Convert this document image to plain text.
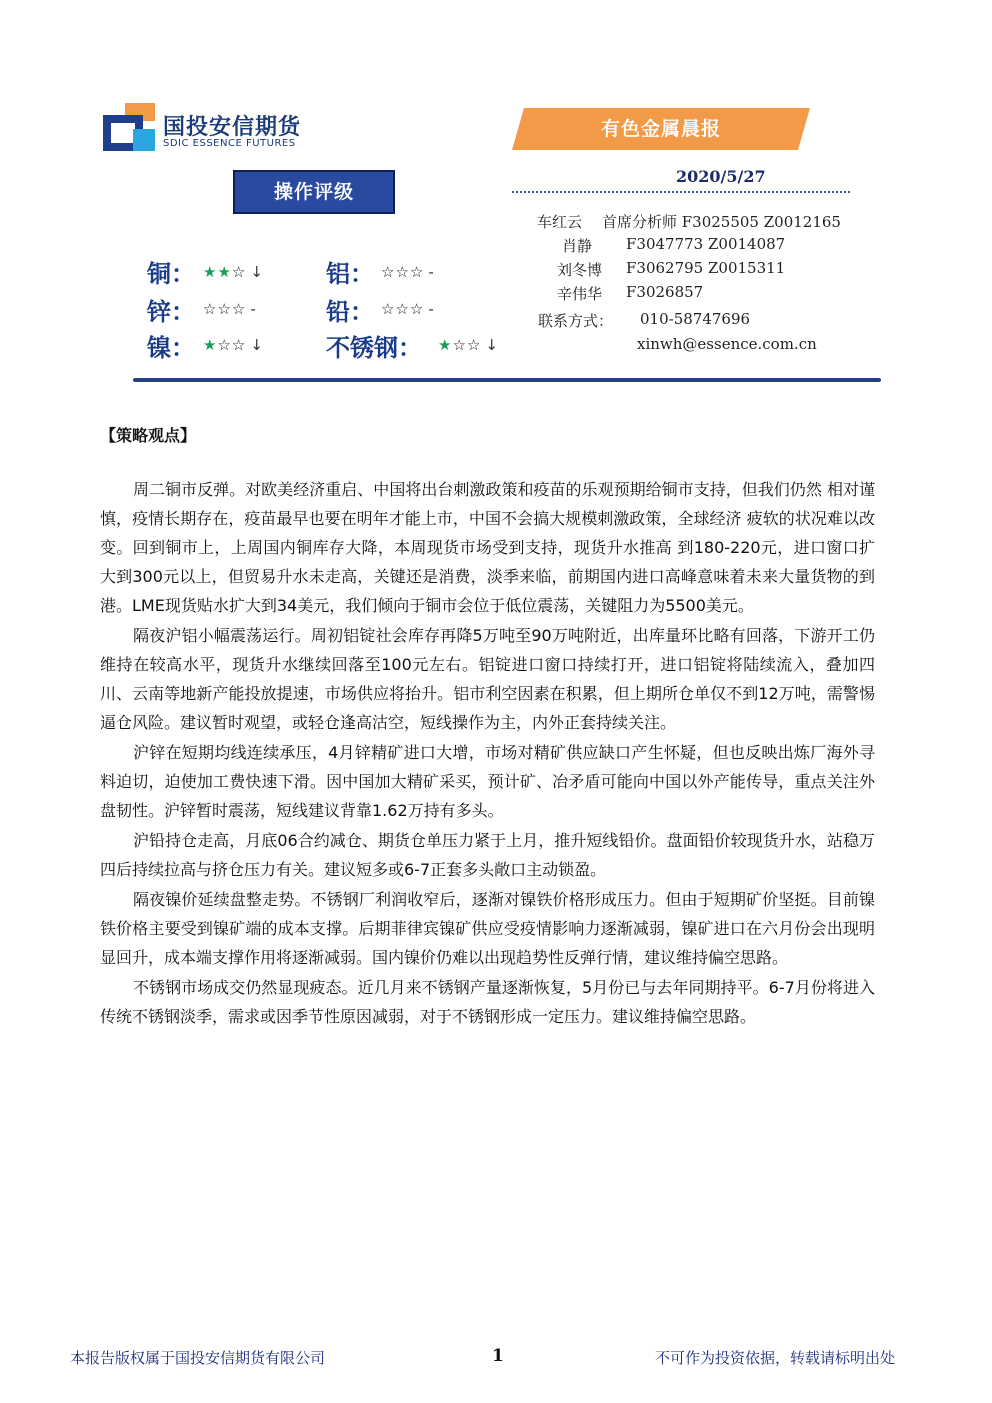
国投安信期货
SDIC ESSENCE FUTURES
有色金属晨报
操作评级
2020/5/27
车红云 首席分析师 F3025505 Z0012165
肖静 F3047773 Z0014087
刘冬博 F3062795 Z0015311
辛伟华 F3026857
联系方式： 010-58747696
xinwh@essence.com.cn
铜： ★★☆ ↓	铝： ☆☆☆ -
锌： ☆☆☆ -	铅： ☆☆☆ -
镍： ★☆☆ ↓	不锈钢： ★☆☆ ↓
【策略观点】

周二铜市反弹。对欧美经济重启、中国将出台刺激政策和疫苗的乐观预期给铜市支持，但我们仍然 相对谨慎，疫情长期存在，疫苗最早也要在明年才能上市，中国不会搞大规模刺激政策，全球经济 疲软的状况难以改变。回到铜市上，上周国内铜库存大降，本周现货市场受到支持，现货升水推高 到180-220元，进口窗口扩大到300元以上，但贸易升水未走高，关键还是消费，淡季来临，前期国内进口高峰意味着未来大量货物的到港。LME现货贴水扩大到34美元，我们倾向于铜市会位于低位震荡，关键阻力为5500美元。

隔夜沪铝小幅震荡运行。周初铝锭社会库存再降5万吨至90万吨附近，出库量环比略有回落，下游开工仍维持在较高水平，现货升水继续回落至100元左右。铝锭进口窗口持续打开，进口铝锭将陆续流入，叠加四川、云南等地新产能投放提速，市场供应将抬升。铝市利空因素在积累，但上期所仓单仅不到12万吨，需警惕逼仓风险。建议暂时观望，或轻仓逢高沽空，短线操作为主，内外正套持续关注。

沪锌在短期均线连续承压，4月锌精矿进口大增，市场对精矿供应缺口产生怀疑，但也反映出炼厂海外寻料迫切，迫使加工费快速下滑。因中国加大精矿采买，预计矿、冶矛盾可能向中国以外产能传导，重点关注外盘韧性。沪锌暂时震荡，短线建议背靠1.62万持有多头。

沪铅持仓走高，月底06合约减仓、期货仓单压力紧于上月，推升短线铅价。盘面铅价较现货升水，站稳万四后持续拉高与挤仓压力有关。建议短多或6-7正套多头敞口主动锁盈。

隔夜镍价延续盘整走势。不锈钢厂利润收窄后，逐渐对镍铁价格形成压力。但由于短期矿价坚挺。目前镍铁价格主要受到镍矿端的成本支撑。后期菲律宾镍矿供应受疫情影响力逐渐减弱，镍矿进口在六月份会出现明显回升，成本端支撑作用将逐渐减弱。国内镍价仍难以出现趋势性反弹行情，建议维持偏空思路。

不锈钢市场成交仍然显现疲态。近几月来不锈钢产量逐渐恢复，5月份已与去年同期持平。6-7月份将进入传统不锈钢淡季，需求或因季节性原因减弱，对于不锈钢形成一定压力。建议维持偏空思路。

本报告版权属于国投安信期货有限公司	1	不可作为投资依据，转载请标明出处
